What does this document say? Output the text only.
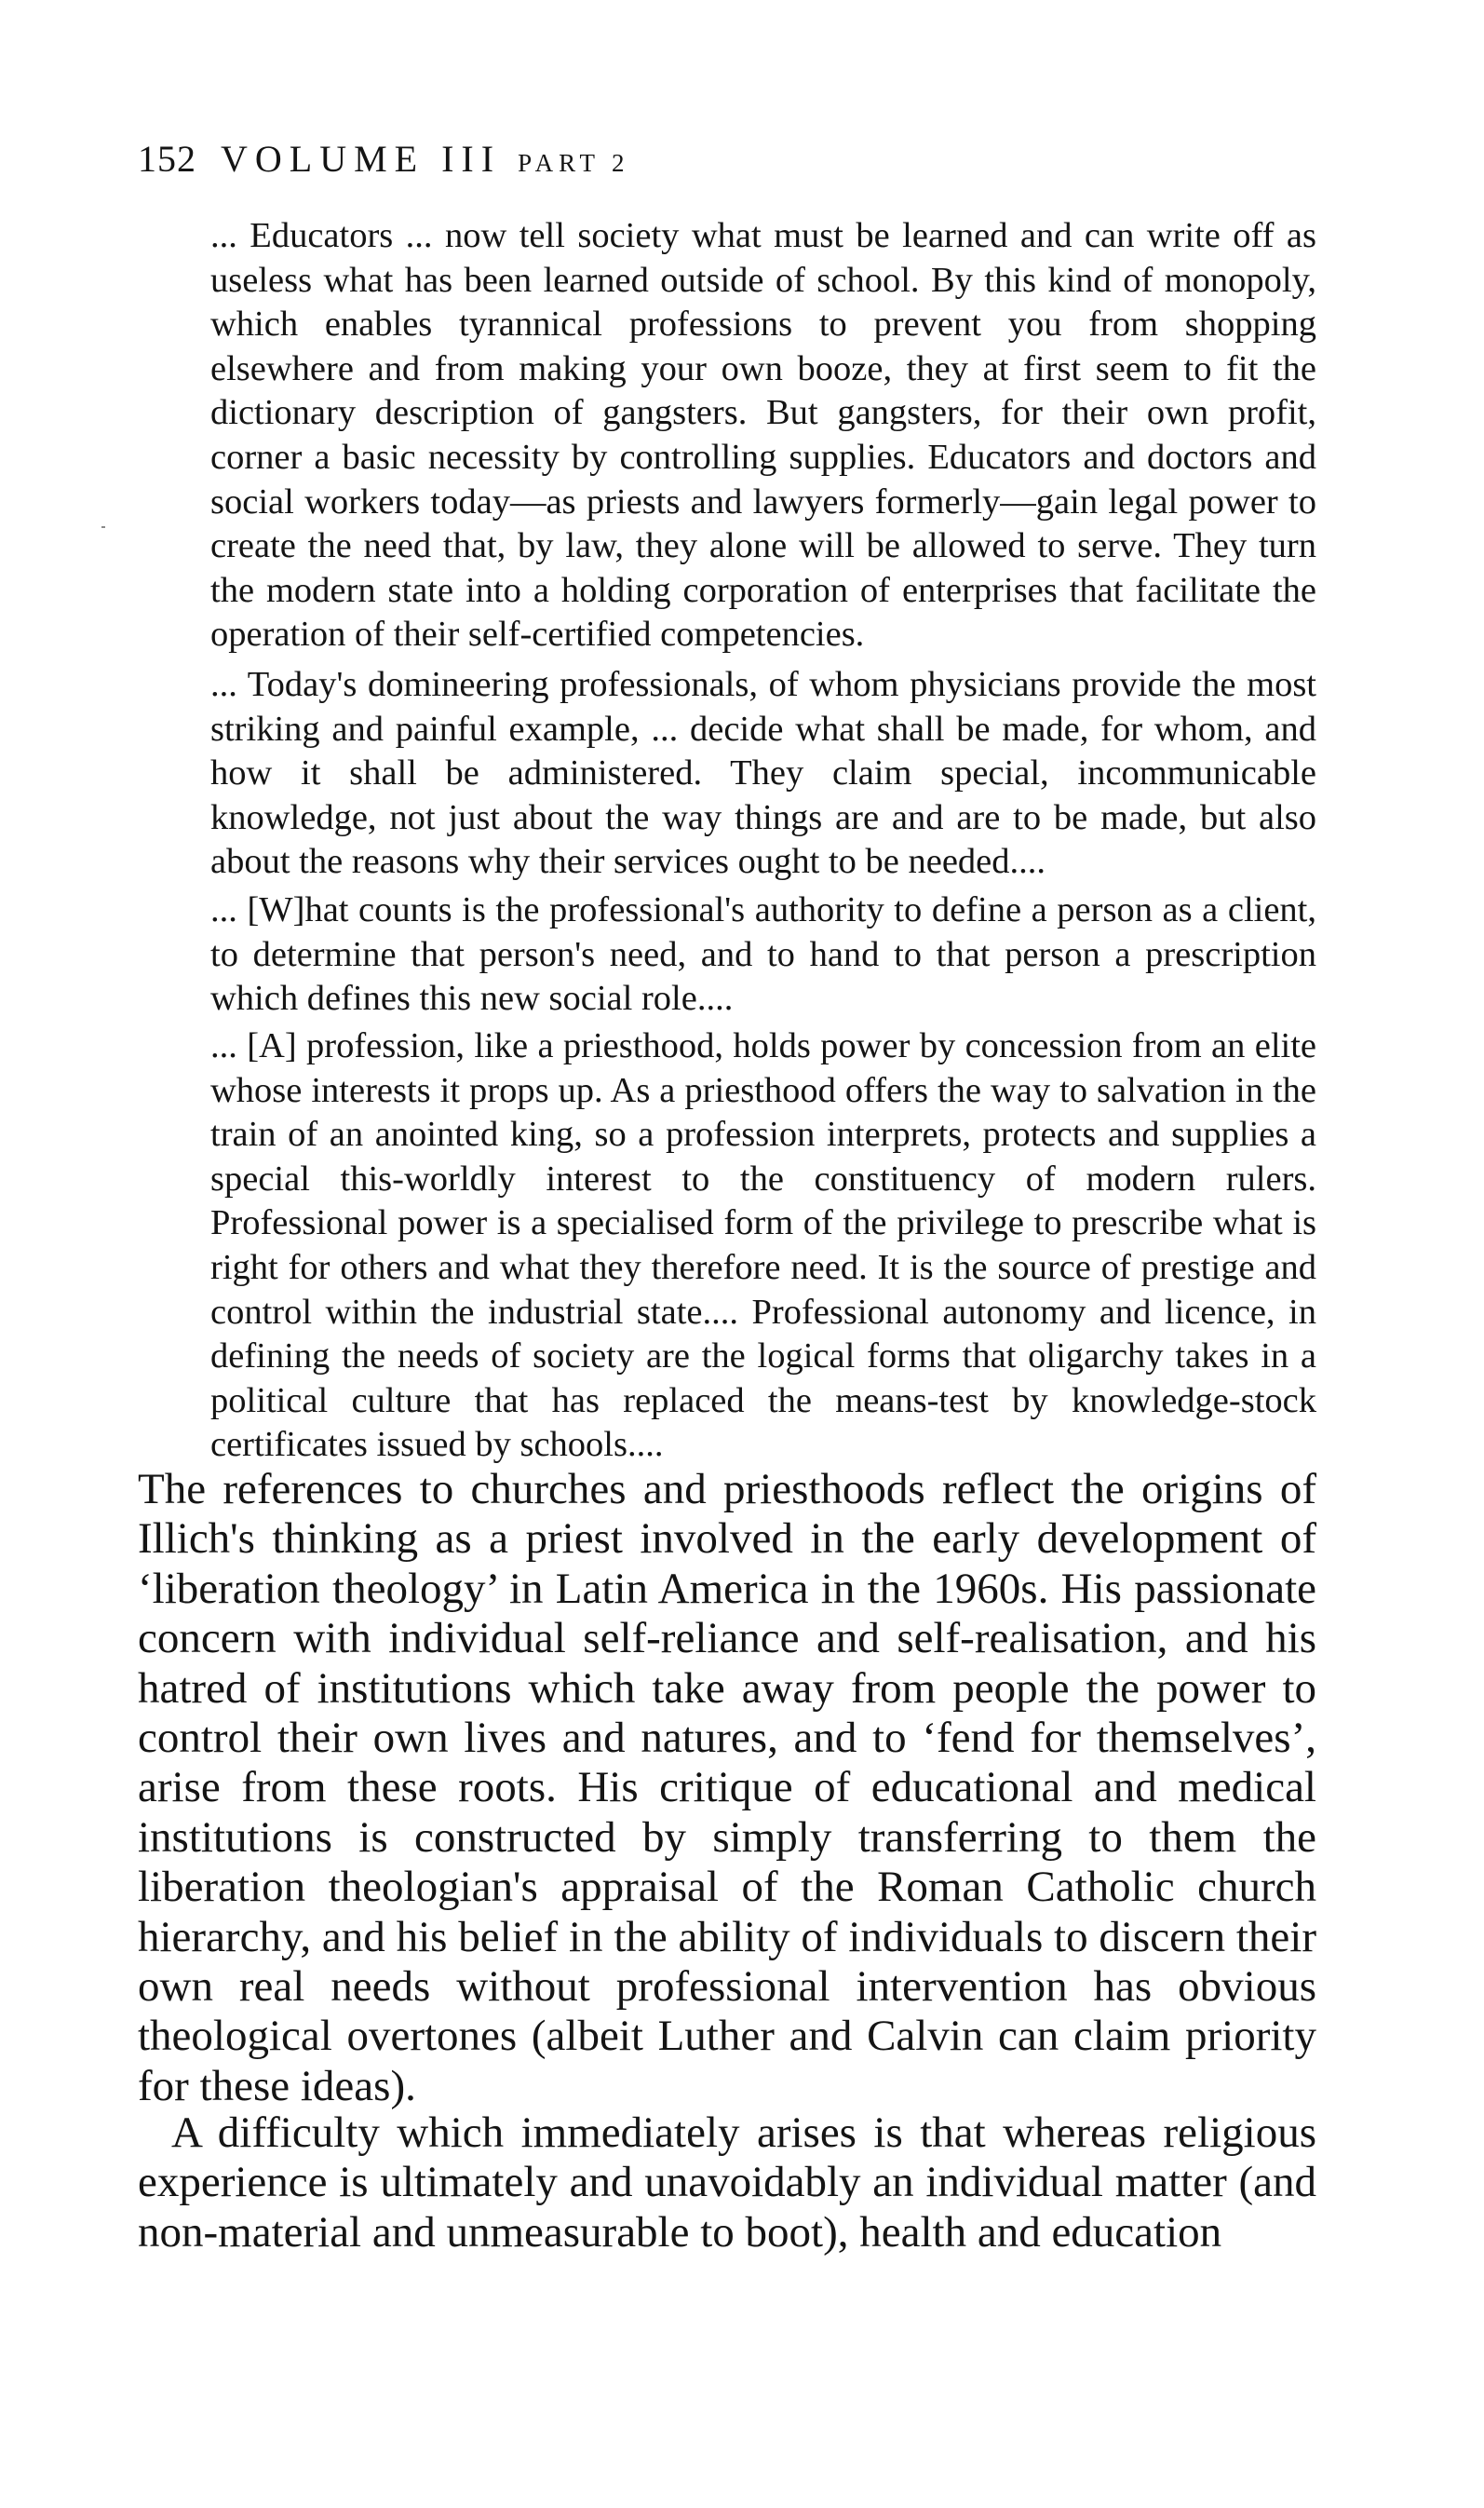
152 VOLUME III PART 2

... Educators ... now tell society what must be learned and can write off as useless what has been learned outside of school. By this kind of monopoly, which enables tyrannical professions to prevent you from shopping elsewhere and from making your own booze, they at first seem to fit the dictionary description of gangsters. But gangsters, for their own profit, corner a basic necessity by controlling supplies. Educators and doctors and social workers today—as priests and lawyers formerly—gain legal power to create the need that, by law, they alone will be allowed to serve. They turn the modern state into a holding corporation of enterprises that facilitate the operation of their self-certified competencies.

... Today's domineering professionals, of whom physicians provide the most striking and painful example, ... decide what shall be made, for whom, and how it shall be administered. They claim special, incommunicable knowledge, not just about the way things are and are to be made, but also about the reasons why their services ought to be needed....

... [W]hat counts is the professional's authority to define a person as a client, to determine that person's need, and to hand to that person a prescription which defines this new social role....

... [A] profession, like a priesthood, holds power by concession from an elite whose interests it props up. As a priesthood offers the way to salvation in the train of an anointed king, so a profession interprets, protects and supplies a special this-worldly interest to the constituency of modern rulers. Professional power is a specialised form of the privilege to prescribe what is right for others and what they therefore need. It is the source of prestige and control within the industrial state.... Professional autonomy and licence, in defining the needs of society are the logical forms that oligarchy takes in a political culture that has replaced the means-test by knowledge-stock certificates issued by schools....

The references to churches and priesthoods reflect the origins of Illich's thinking as a priest involved in the early development of ‘liberation theology’ in Latin America in the 1960s. His passionate concern with individual self-reliance and self-realisation, and his hatred of institutions which take away from people the power to control their own lives and natures, and to ‘fend for themselves’, arise from these roots. His critique of educational and medical institutions is constructed by simply transferring to them the liberation theologian's appraisal of the Roman Catholic church hierarchy, and his belief in the ability of individuals to discern their own real needs without professional intervention has obvious theological overtones (albeit Luther and Calvin can claim priority for these ideas).

A difficulty which immediately arises is that whereas religious experience is ultimately and unavoidably an individual matter (and non-material and unmeasurable to boot), health and education
